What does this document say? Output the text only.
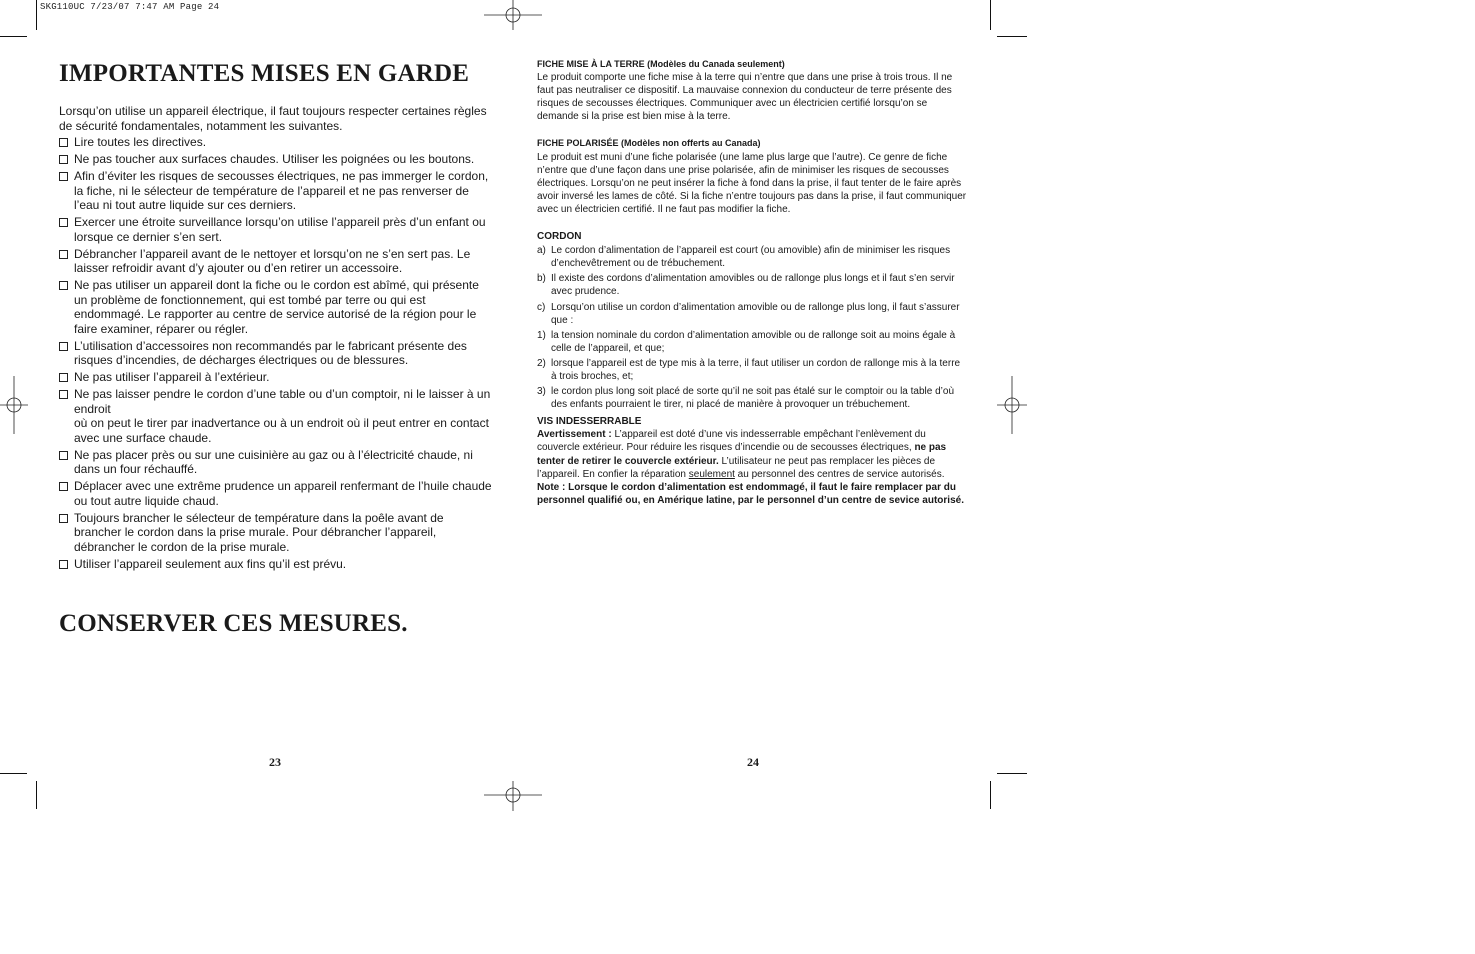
SKG110UC 7/23/07 7:47 AM Page 24
IMPORTANTES MISES EN GARDE

Lorsqu’on utilise un appareil électrique, il faut toujours respecter certaines règles de sécurité fondamentales, notamment les suivantes.

Lire toutes les directives.
Ne pas toucher aux surfaces chaudes. Utiliser les poignées ou les boutons.
Afin d’éviter les risques de secousses électriques, ne pas immerger le cordon, la fiche, ni le sélecteur de température de l’appareil et ne pas renverser de l’eau ni tout autre liquide sur ces derniers.
Exercer une étroite surveillance lorsqu’on utilise l’appareil près d’un enfant ou lorsque ce dernier s’en sert.
Débrancher l’appareil avant de le nettoyer et lorsqu’on ne s’en sert pas. Le laisser refroidir avant d’y ajouter ou d’en retirer un accessoire.
Ne pas utiliser un appareil dont la fiche ou le cordon est abîmé, qui présente un problème de fonctionnement, qui est tombé par terre ou qui est endommagé. Le rapporter au centre de service autorisé de la région pour le faire examiner, réparer ou régler.
L’utilisation d’accessoires non recommandés par le fabricant présente des risques d’incendies, de décharges électriques ou de blessures.
Ne pas utiliser l’appareil à l’extérieur.
Ne pas laisser pendre le cordon d’une table ou d’un comptoir, ni le laisser à un endroit
où on peut le tirer par inadvertance ou à un endroit où il peut entrer en contact avec une surface chaude.
Ne pas placer près ou sur une cuisinière au gaz ou à l’électricité chaude, ni dans un four réchauffé.
Déplacer avec une extrême prudence un appareil renfermant de l’huile chaude ou tout autre liquide chaud.
Toujours brancher le sélecteur de température dans la poêle avant de brancher le cordon dans la prise murale. Pour débrancher l’appareil, débrancher le cordon de la prise murale.
Utiliser l’appareil seulement aux fins qu’il est prévu.
CONSERVER CES MESURES.
23
FICHE MISE À LA TERRE (Modèles du Canada seulement)

Le produit comporte une fiche mise à la terre qui n’entre que dans une prise à trois trous. Il ne faut pas neutraliser ce dispositif. La mauvaise connexion du conducteur de terre présente des risques de secousses électriques. Communiquer avec un électricien certifié lorsqu’on se demande si la prise est bien mise à la terre.

FICHE POLARISÉE (Modèles non offerts au Canada)

Le produit est muni d’une fiche polarisée (une lame plus large que l’autre). Ce genre de fiche n’entre que d’une façon dans une prise polarisée, afin de minimiser les risques de secousses électriques. Lorsqu’on ne peut insérer la fiche à fond dans la prise, il faut tenter de le faire après avoir inversé les lames de côté. Si la fiche n’entre toujours pas dans la prise, il faut communiquer avec un électricien certifié. Il ne faut pas modifier la fiche.

CORDON
a) Le cordon d’alimentation de l’appareil est court (ou amovible) afin de minimiser les risques d’enchevêtrement ou de trébuchement.
b) Il existe des cordons d’alimentation amovibles ou de rallonge plus longs et il faut s’en servir avec prudence.
c) Lorsqu’on utilise un cordon d’alimentation amovible ou de rallonge plus long, il faut s’assurer que :
1) la tension nominale du cordon d’alimentation amovible ou de rallonge soit au moins égale à celle de l’appareil, et que;
2) lorsque l’appareil est de type mis à la terre, il faut utiliser un cordon de rallonge mis à la terre à trois broches, et;
3) le cordon plus long soit placé de sorte qu’il ne soit pas étalé sur le comptoir ou la table d’où des enfants pourraient le tirer, ni placé de manière à provoquer un trébuchement.
VIS INDESSERRABLE

Avertissement : L’appareil est doté d’une vis indesserrable empêchant l’enlèvement du couvercle extérieur. Pour réduire les risques d’incendie ou de secousses électriques, ne pas tenter de retirer le couvercle extérieur. L’utilisateur ne peut pas remplacer les pièces de l’appareil. En confier la réparation seulement au personnel des centres de service autorisés.

Note : Lorsque le cordon d’alimentation est endommagé, il faut le faire remplacer par du personnel qualifié ou, en Amérique latine, par le personnel d’un centre de sevice autorisé.

24
